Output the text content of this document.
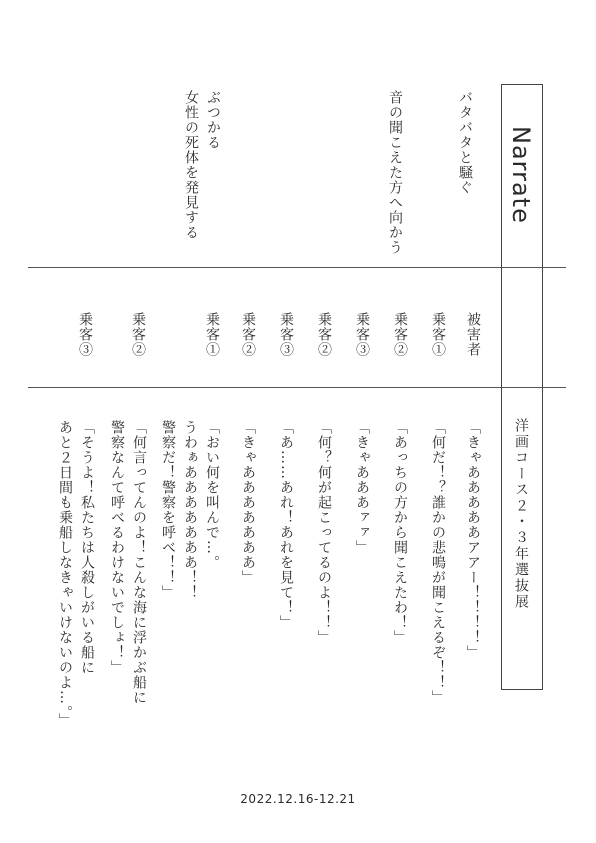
Narrate
洋画コース２・３年選抜展
バタバタと騒ぐ
音の聞こえた方へ向かう
ぶつかる
女性の死体を発見する
被害者
乗客①
乗客②
乗客③
乗客②
乗客③
乗客②
乗客①
乗客②
乗客③
「きゃあああああアアー！！！！」
「何だ！？誰かの悲鳴が聞こえるぞ！！」
「あっちの方から聞こえたわ！」
「きゃあああァァ」
「何？何が起こってるのよ！！」
「あ……あれ！あれを見て！」
「きゃあああああああ」
「おい何を叫んで…。
うわぁあああああああ！！
警察だ！警察を呼べ！！」
「何言ってんのよ！こんな海に浮かぶ船に
警察なんて呼べるわけないでしょ！」
「そうよ！私たちは人殺しがいる船に
あと２日間も乗船しなきゃいけないのよ…。」
2022.12.16-12.21
